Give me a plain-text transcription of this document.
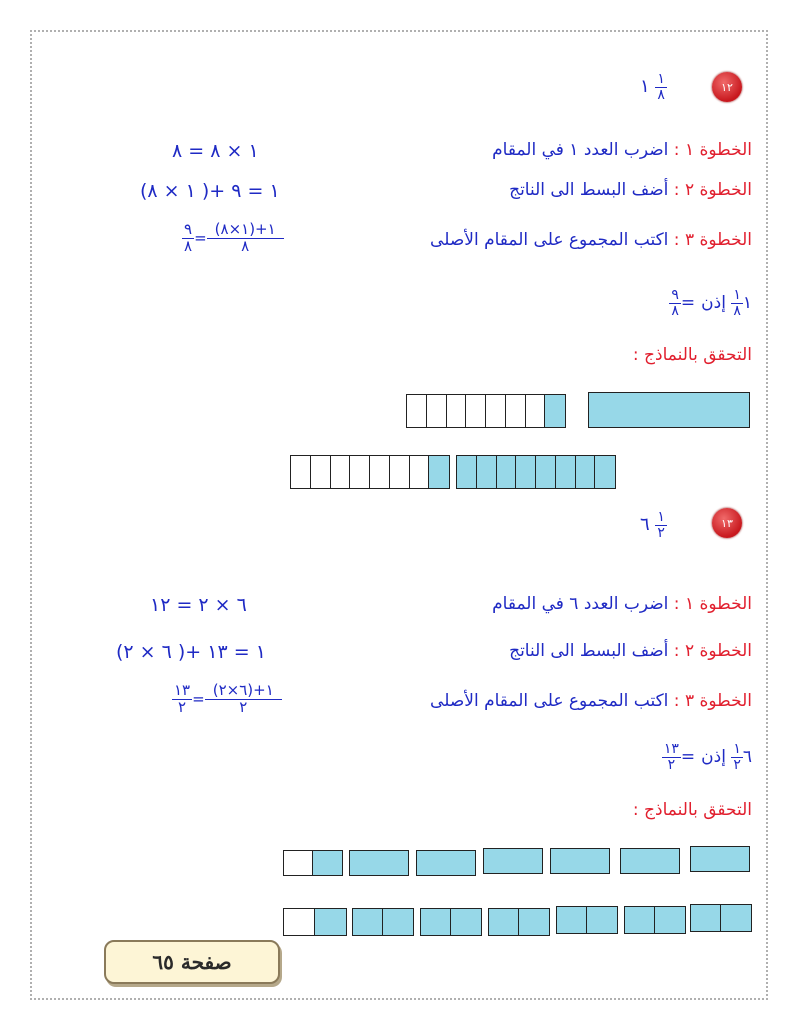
١٢
١ $\frac{١}{٨}$
الخطوة ١ : اضرب العدد ١ في المقام
١ × ٨ = ٨
الخطوة ٢ : أضف البسط الى الناتج
(١ × ٨ )+ ١ = ٩
الخطوة ٣ : اكتب المجموع على المقام الأصلى
$\frac{٩}{٨} = \frac{(١\times ٨)+١}{٨}$
$\frac{٩}{٨}$ =	١
$\frac{١}{٨}$
إذن
التحقق بالنماذج :
١٣
٦ $\frac{١}{٢}$
الخطوة ١ : اضرب العدد ٦ في المقام
٦ × ٢ = ١٢
الخطوة ٢ : أضف البسط الى الناتج
(٦ × ٢ )+ ١ = ١٣
الخطوة ٣ : اكتب المجموع على المقام الأصلى
$\frac{١٣}{٢} = \frac{(٦\times ٢)+١}{٢}$
$\frac{١٣}{٢}$ =	٦
$\frac{١}{٢}$
إذن
التحقق بالنماذج :
صفحة ٦٥
